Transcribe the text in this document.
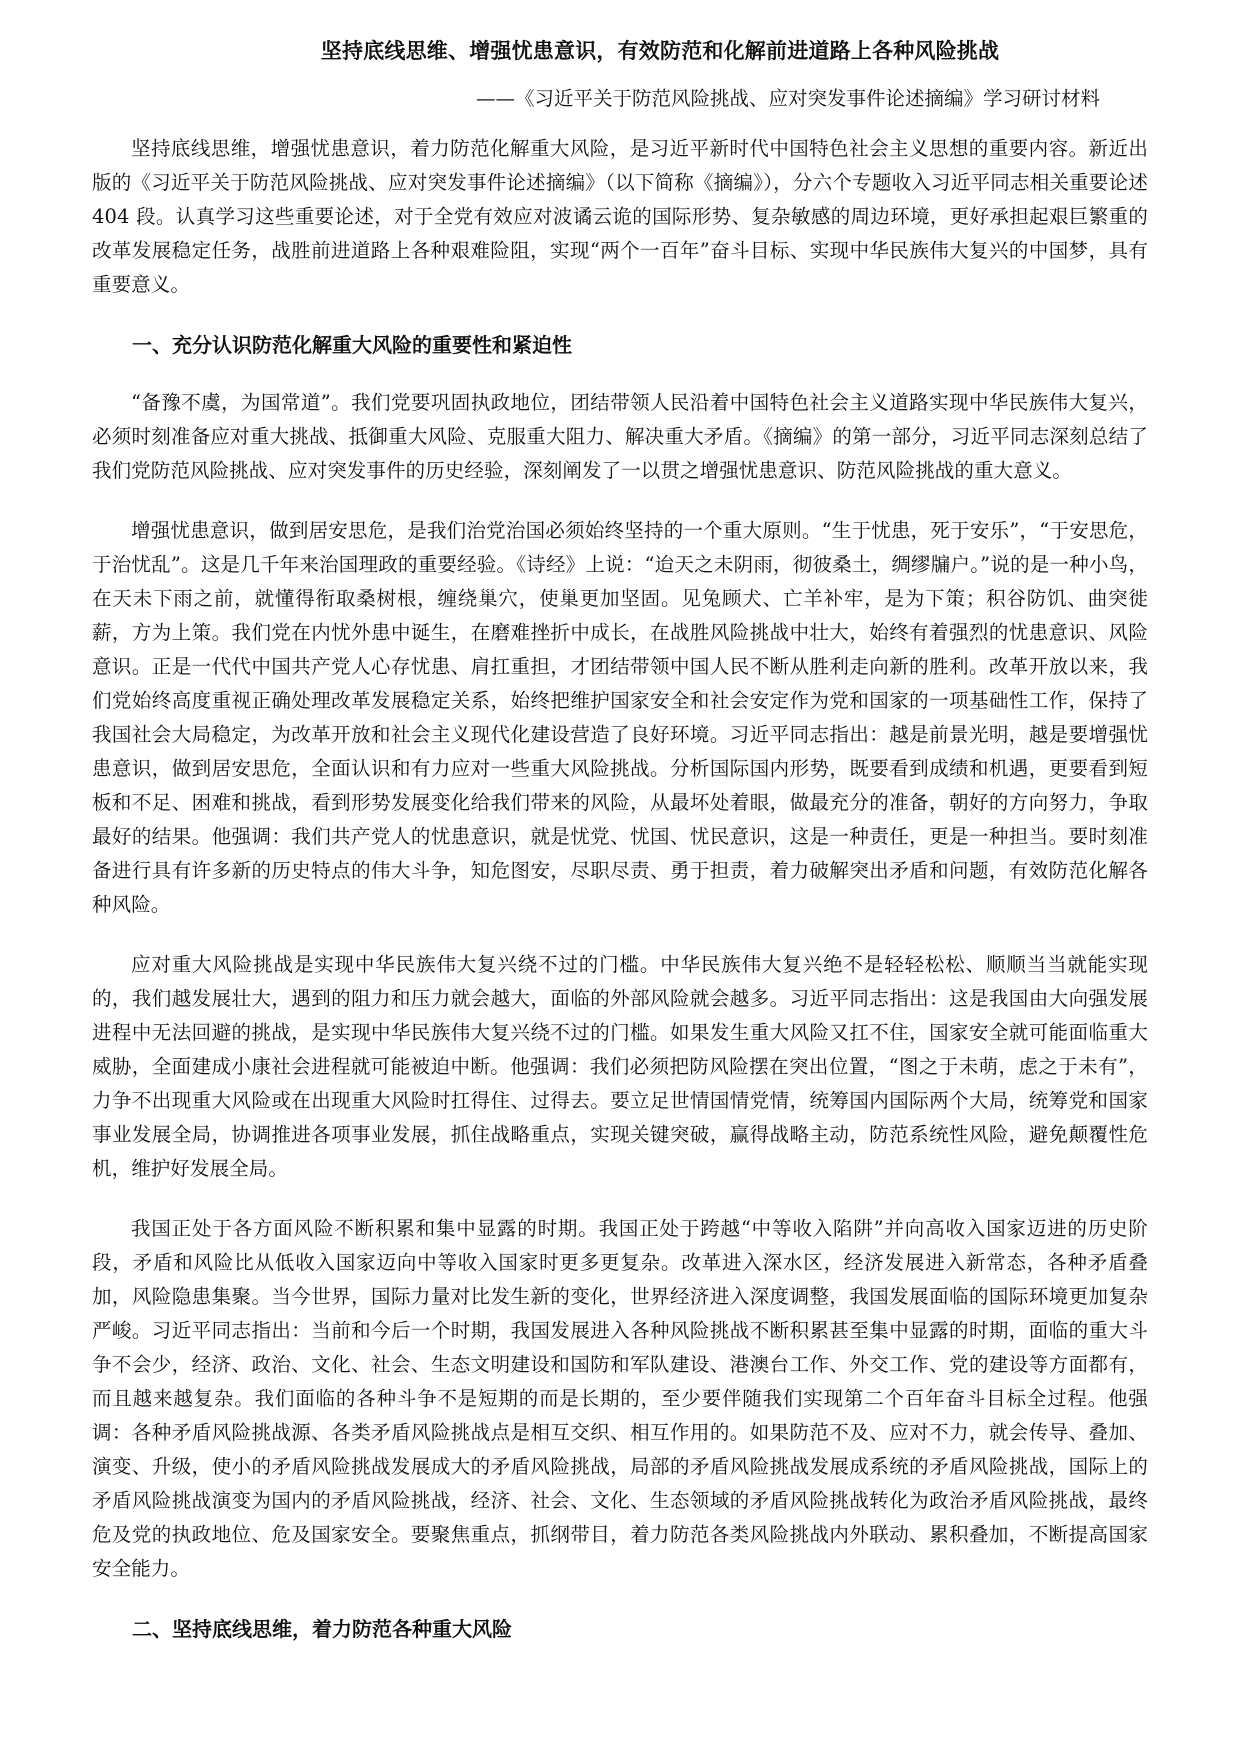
坚持底线思维、增强忧患意识，有效防范和化解前进道路上各种风险挑战

——《习近平关于防范风险挑战、应对突发事件论述摘编》学习研讨材料

坚持底线思维，增强忧患意识，着力防范化解重大风险，是习近平新时代中国特色社会主义思想的重要内容。新近出版的《习近平关于防范风险挑战、应对突发事件论述摘编》（以下简称《摘编》），分六个专题收入习近平同志相关重要论述 404 段。认真学习这些重要论述，对于全党有效应对波谲云诡的国际形势、复杂敏感的周边环境，更好承担起艰巨繁重的改革发展稳定任务，战胜前进道路上各种艰难险阻，实现“两个一百年”奋斗目标、实现中华民族伟大复兴的中国梦，具有重要意义。

一、充分认识防范化解重大风险的重要性和紧迫性

“备豫不虞，为国常道”。我们党要巩固执政地位，团结带领人民沿着中国特色社会主义道路实现中华民族伟大复兴，必须时刻准备应对重大挑战、抵御重大风险、克服重大阻力、解决重大矛盾。《摘编》的第一部分，习近平同志深刻总结了我们党防范风险挑战、应对突发事件的历史经验，深刻阐发了一以贯之增强忧患意识、防范风险挑战的重大意义。

增强忧患意识，做到居安思危，是我们治党治国必须始终坚持的一个重大原则。“生于忧患，死于安乐”，“于安思危，于治忧乱”。这是几千年来治国理政的重要经验。《诗经》上说：“迨天之未阴雨，彻彼桑土，绸缪牖户。”说的是一种小鸟，在天未下雨之前，就懂得衔取桑树根，缠绕巢穴，使巢更加坚固。见兔顾犬、亡羊补牢，是为下策；积谷防饥、曲突徙薪，方为上策。我们党在内忧外患中诞生，在磨难挫折中成长，在战胜风险挑战中壮大，始终有着强烈的忧患意识、风险意识。正是一代代中国共产党人心存忧患、肩扛重担，才团结带领中国人民不断从胜利走向新的胜利。改革开放以来，我们党始终高度重视正确处理改革发展稳定关系，始终把维护国家安全和社会安定作为党和国家的一项基础性工作，保持了我国社会大局稳定，为改革开放和社会主义现代化建设营造了良好环境。习近平同志指出：越是前景光明，越是要增强忧患意识，做到居安思危，全面认识和有力应对一些重大风险挑战。分析国际国内形势，既要看到成绩和机遇，更要看到短板和不足、困难和挑战，看到形势发展变化给我们带来的风险，从最坏处着眼，做最充分的准备，朝好的方向努力，争取最好的结果。他强调：我们共产党人的忧患意识，就是忧党、忧国、忧民意识，这是一种责任，更是一种担当。要时刻准备进行具有许多新的历史特点的伟大斗争，知危图安，尽职尽责、勇于担责，着力破解突出矛盾和问题，有效防范化解各种风险。

应对重大风险挑战是实现中华民族伟大复兴绕不过的门槛。中华民族伟大复兴绝不是轻轻松松、顺顺当当就能实现的，我们越发展壮大，遇到的阻力和压力就会越大，面临的外部风险就会越多。习近平同志指出：这是我国由大向强发展进程中无法回避的挑战，是实现中华民族伟大复兴绕不过的门槛。如果发生重大风险又扛不住，国家安全就可能面临重大威胁，全面建成小康社会进程就可能被迫中断。他强调：我们必须把防风险摆在突出位置，“图之于未萌，虑之于未有”，力争不出现重大风险或在出现重大风险时扛得住、过得去。要立足世情国情党情，统筹国内国际两个大局，统筹党和国家事业发展全局，协调推进各项事业发展，抓住战略重点，实现关键突破，赢得战略主动，防范系统性风险，避免颠覆性危机，维护好发展全局。

我国正处于各方面风险不断积累和集中显露的时期。我国正处于跨越“中等收入陷阱”并向高收入国家迈进的历史阶段，矛盾和风险比从低收入国家迈向中等收入国家时更多更复杂。改革进入深水区，经济发展进入新常态，各种矛盾叠加，风险隐患集聚。当今世界，国际力量对比发生新的变化，世界经济进入深度调整，我国发展面临的国际环境更加复杂严峻。习近平同志指出：当前和今后一个时期，我国发展进入各种风险挑战不断积累甚至集中显露的时期，面临的重大斗争不会少，经济、政治、文化、社会、生态文明建设和国防和军队建设、港澳台工作、外交工作、党的建设等方面都有，而且越来越复杂。我们面临的各种斗争不是短期的而是长期的，至少要伴随我们实现第二个百年奋斗目标全过程。他强调：各种矛盾风险挑战源、各类矛盾风险挑战点是相互交织、相互作用的。如果防范不及、应对不力，就会传导、叠加、演变、升级，使小的矛盾风险挑战发展成大的矛盾风险挑战，局部的矛盾风险挑战发展成系统的矛盾风险挑战，国际上的矛盾风险挑战演变为国内的矛盾风险挑战，经济、社会、文化、生态领域的矛盾风险挑战转化为政治矛盾风险挑战，最终危及党的执政地位、危及国家安全。要聚焦重点，抓纲带目，着力防范各类风险挑战内外联动、累积叠加，不断提高国家安全能力。

二、坚持底线思维，着力防范各种重大风险
